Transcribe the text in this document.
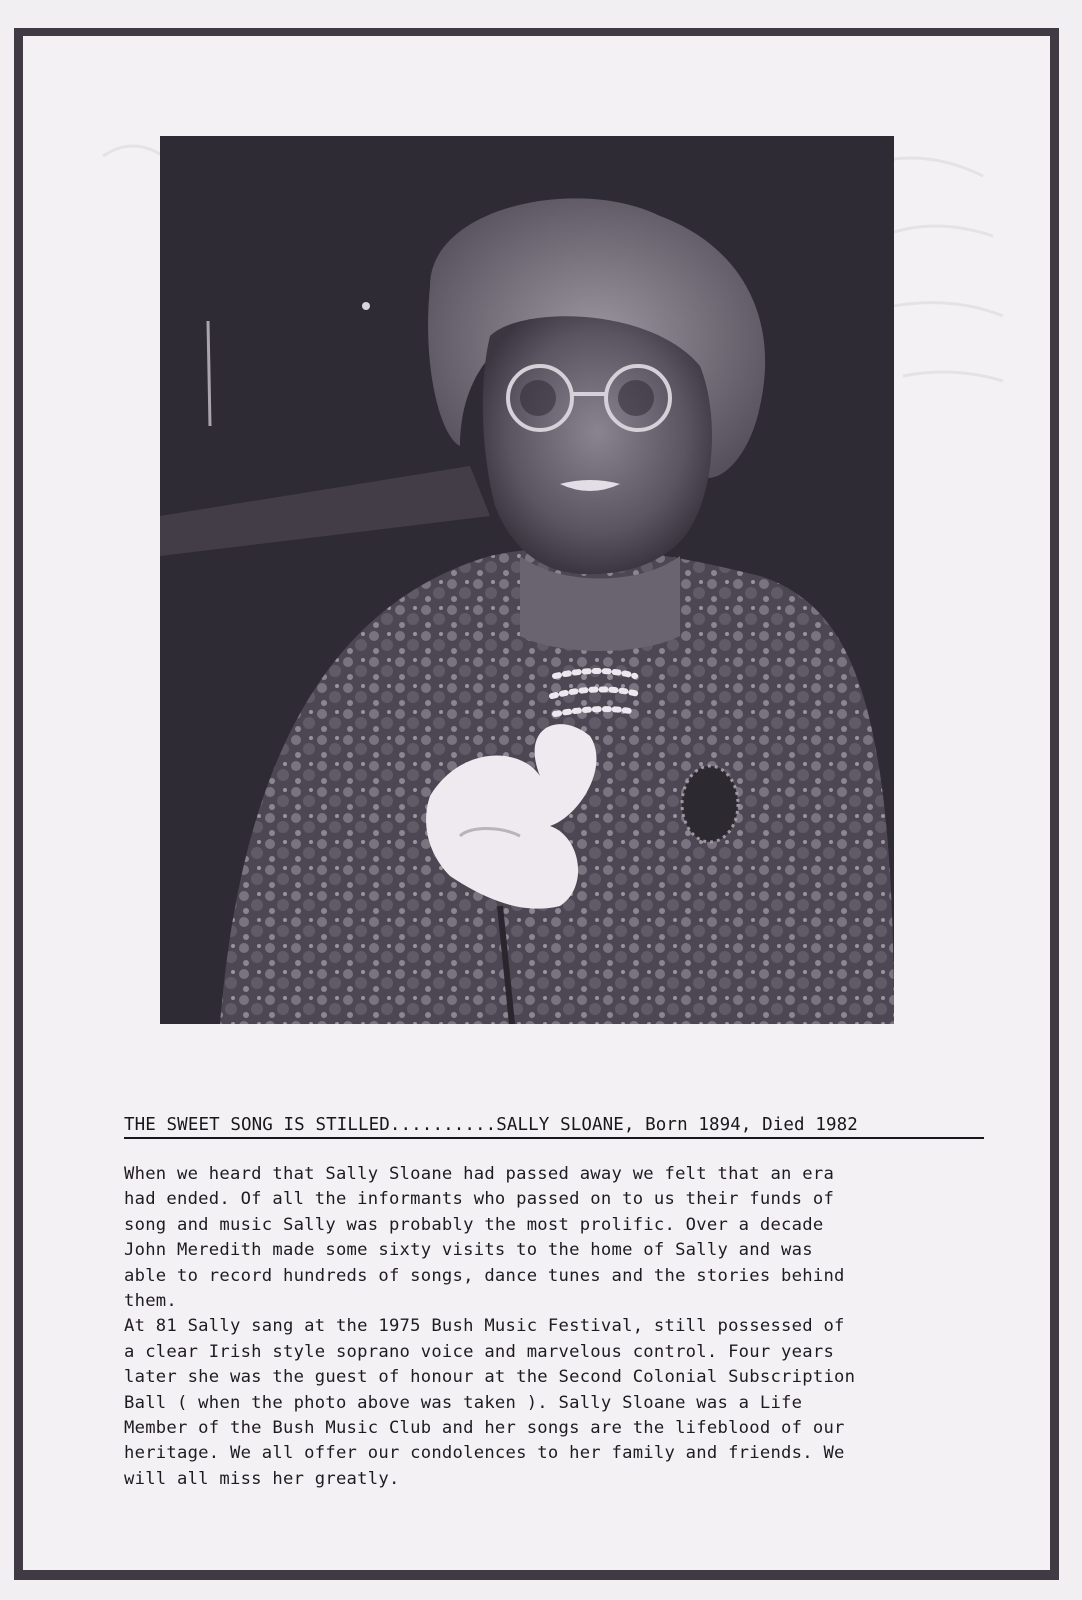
THE SWEET SONG IS STILLED..........SALLY SLOANE, Born 1894, Died 1982
When we heard that Sally Sloane had passed away we felt that an era
had ended. Of all the informants who passed on to us their funds of
song and music Sally was probably the most prolific. Over a decade
John Meredith made some sixty visits to the home of Sally and was
able to record hundreds of songs, dance tunes and the stories behind
them.
At 81 Sally sang at the 1975 Bush Music Festival, still possessed of
a clear Irish style soprano voice and marvelous control. Four years
later she was the guest of honour at the Second Colonial Subscription
Ball ( when the photo above was taken ). Sally Sloane was a Life
Member of the Bush Music Club and her songs are the lifeblood of our
heritage. We all offer our condolences to her family and friends. We
will all miss her greatly.
